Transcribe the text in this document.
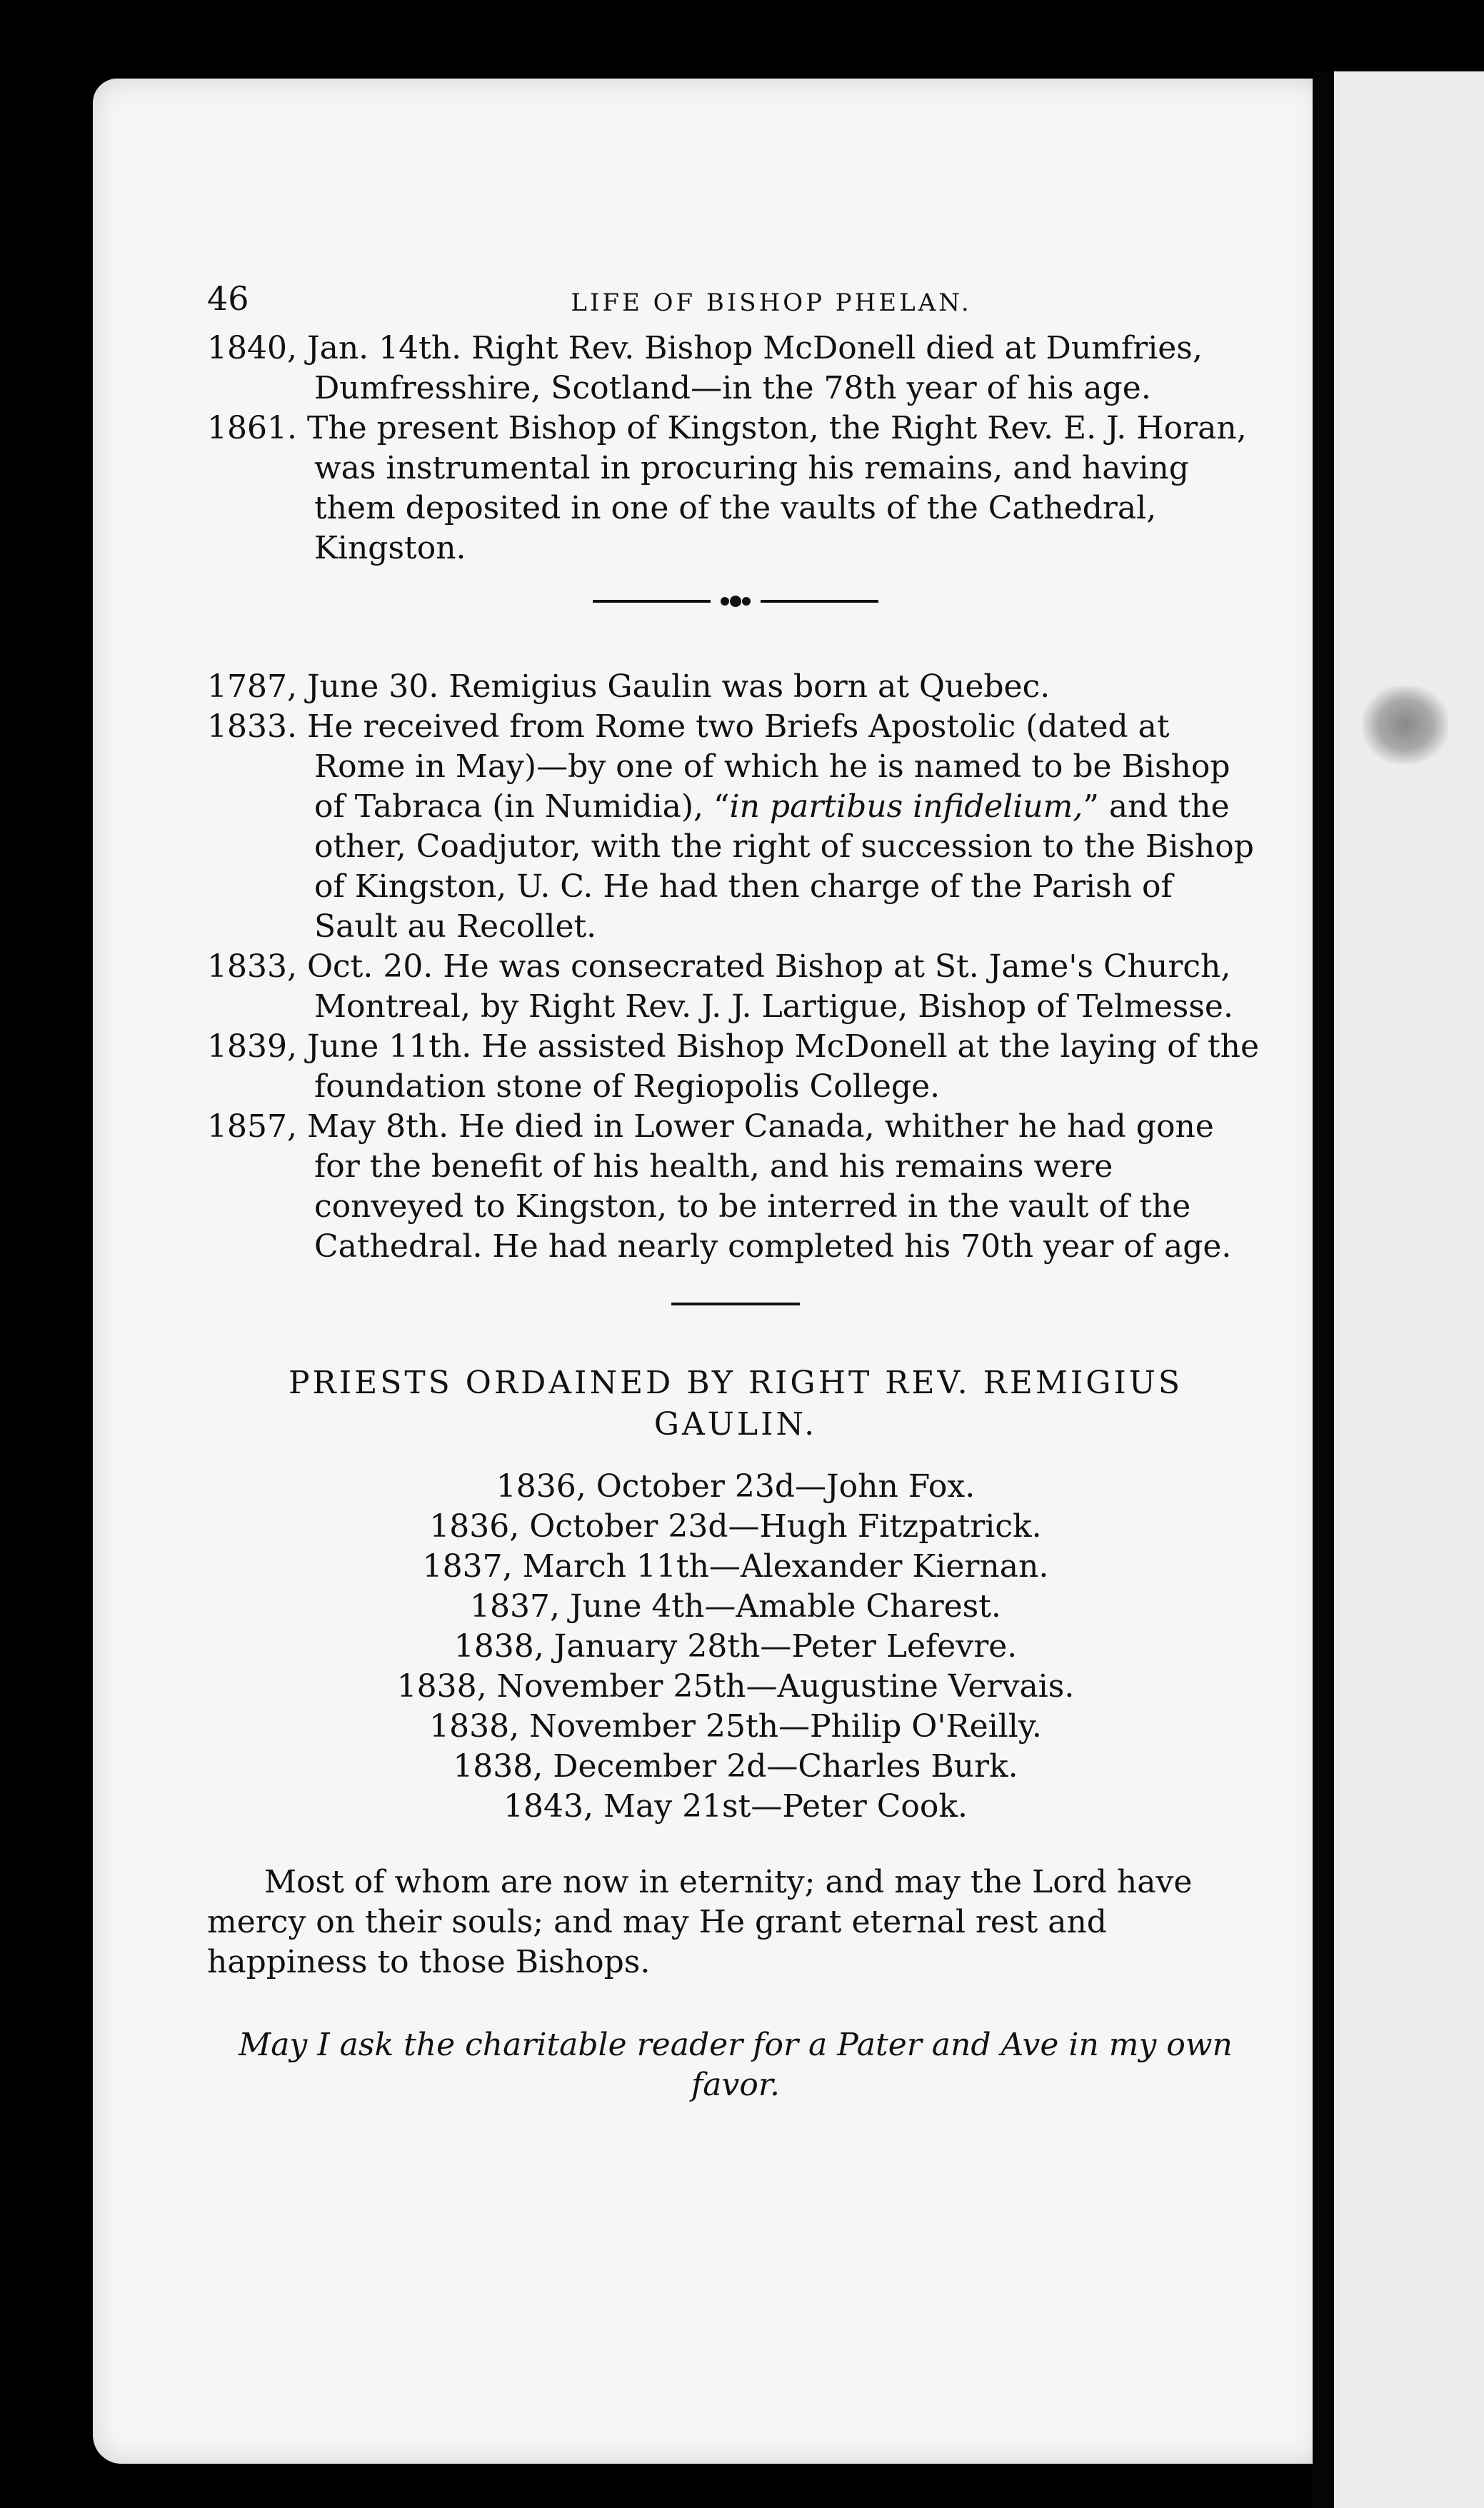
46	LIFE OF BISHOP PHELAN.

1840, Jan. 14th. Right Rev. Bishop McDonell died at Dumfries, Dumfresshire, Scotland—in the 78th year of his age.

1861. The present Bishop of Kingston, the Right Rev. E. J. Horan, was instrumental in procuring his remains, and having them deposited in one of the vaults of the Cathedral, Kingston.

1787, June 30. Remigius Gaulin was born at Quebec.

1833. He received from Rome two Briefs Apostolic (dated at Rome in May)—by one of which he is named to be Bishop of Tabraca (in Numidia), “in partibus infidelium,” and the other, Coadjutor, with the right of succession to the Bishop of Kingston, U. C. He had then charge of the Parish of Sault au Recollet.

1833, Oct. 20. He was consecrated Bishop at St. Jame's Church, Montreal, by Right Rev. J. J. Lartigue, Bishop of Telmesse.

1839, June 11th. He assisted Bishop McDonell at the laying of the foundation stone of Regiopolis College.

1857, May 8th. He died in Lower Canada, whither he had gone for the benefit of his health, and his remains were conveyed to Kingston, to be interred in the vault of the Cathedral. He had nearly completed his 70th year of age.

PRIESTS ORDAINED BY RIGHT REV. REMIGIUS GAULIN.

1836, October 23d—John Fox.

1836, October 23d—Hugh Fitzpatrick.

1837, March 11th—Alexander Kiernan.

1837, June 4th—Amable Charest.

1838, January 28th—Peter Lefevre.

1838, November 25th—Augustine Vervais.

1838, November 25th—Philip O'Reilly.

1838, December 2d—Charles Burk.

1843, May 21st—Peter Cook.

Most of whom are now in eternity; and may the Lord have mercy on their souls; and may He grant eternal rest and happiness to those Bishops.

May I ask the charitable reader for a Pater and Ave in my own favor.
